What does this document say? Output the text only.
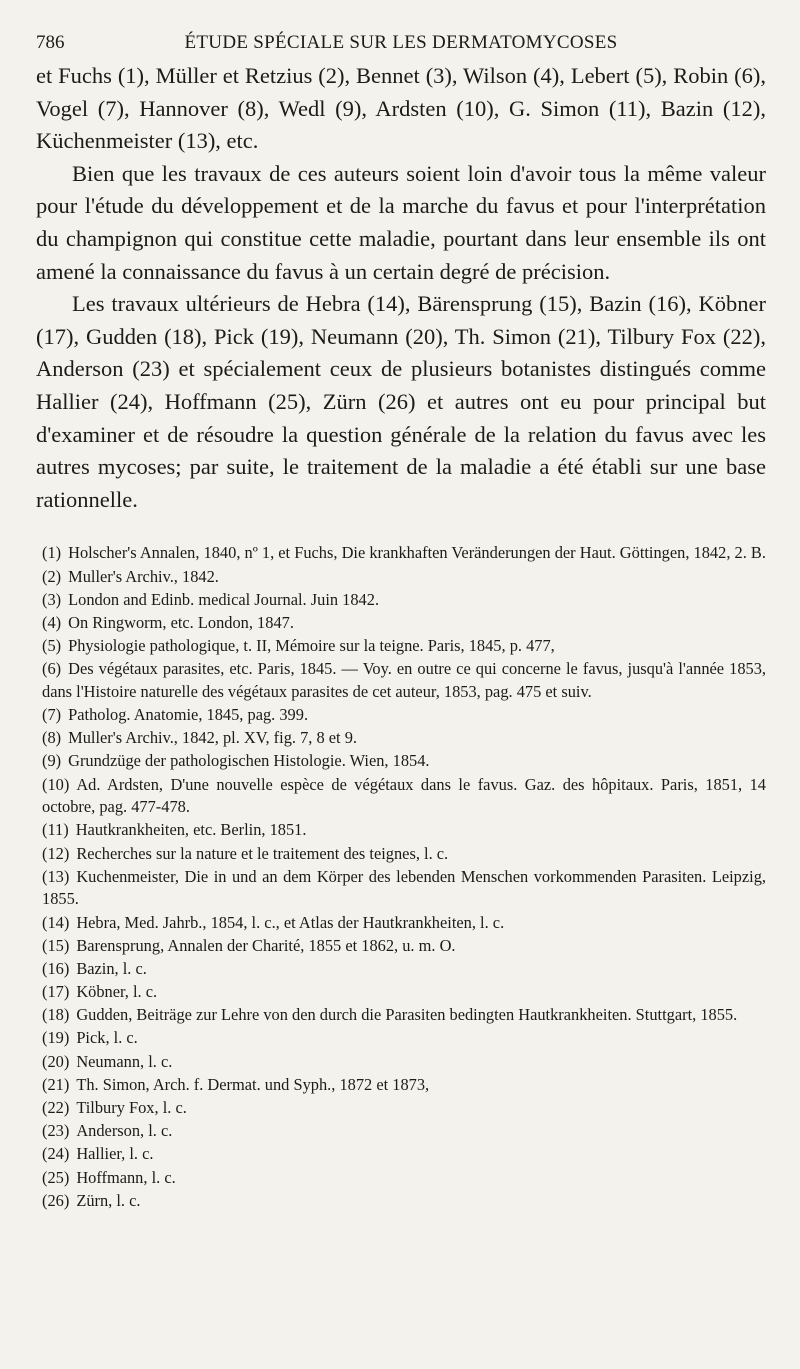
786	ÉTUDE SPÉCIALE SUR LES DERMATOMYCOSES

et Fuchs (1), Müller et Retzius (2), Bennet (3), Wilson (4), Lebert (5), Robin (6), Vogel (7), Hannover (8), Wedl (9), Ardsten (10), G. Simon (11), Bazin (12), Küchenmeister (13), etc.

Bien que les travaux de ces auteurs soient loin d'avoir tous la même valeur pour l'étude du développement et de la marche du favus et pour l'interprétation du champignon qui constitue cette maladie, pourtant dans leur ensemble ils ont amené la connaissance du favus à un certain degré de précision.

Les travaux ultérieurs de Hebra (14), Bärensprung (15), Bazin (16), Köbner (17), Gudden (18), Pick (19), Neumann (20), Th. Simon (21), Tilbury Fox (22), Anderson (23) et spécialement ceux de plusieurs botanistes distingués comme Hallier (24), Hoffmann (25), Zürn (26) et autres ont eu pour principal but d'examiner et de résoudre la question générale de la relation du favus avec les autres mycoses; par suite, le traitement de la maladie a été établi sur une base rationnelle.

(1) Holscher's Annalen, 1840, nº 1, et Fuchs, Die krankhaften Veränderungen der Haut. Göttingen, 1842, 2. B.
(2) Muller's Archiv., 1842.
(3) London and Edinb. medical Journal. Juin 1842.
(4) On Ringworm, etc. London, 1847.
(5) Physiologie pathologique, t. II, Mémoire sur la teigne. Paris, 1845, p. 477,
(6) Des végétaux parasites, etc. Paris, 1845. — Voy. en outre ce qui concerne le favus, jusqu'à l'année 1853, dans l'Histoire naturelle des végétaux parasites de cet auteur, 1853, pag. 475 et suiv.
(7) Patholog. Anatomie, 1845, pag. 399.
(8) Muller's Archiv., 1842, pl. XV, fig. 7, 8 et 9.
(9) Grundzüge der pathologischen Histologie. Wien, 1854.
(10) Ad. Ardsten, D'une nouvelle espèce de végétaux dans le favus. Gaz. des hôpitaux. Paris, 1851, 14 octobre, pag. 477-478.
(11) Hautkrankheiten, etc. Berlin, 1851.
(12) Recherches sur la nature et le traitement des teignes, l. c.
(13) Kuchenmeister, Die in und an dem Körper des lebenden Menschen vorkommenden Parasiten. Leipzig, 1855.
(14) Hebra, Med. Jahrb., 1854, l. c., et Atlas der Hautkrankheiten, l. c.
(15) Barensprung, Annalen der Charité, 1855 et 1862, u. m. O.
(16) Bazin, l. c.
(17) Köbner, l. c.
(18) Gudden, Beiträge zur Lehre von den durch die Parasiten bedingten Hautkrankheiten. Stuttgart, 1855.
(19) Pick, l. c.
(20) Neumann, l. c.
(21) Th. Simon, Arch. f. Dermat. und Syph., 1872 et 1873,
(22) Tilbury Fox, l. c.
(23) Anderson, l. c.
(24) Hallier, l. c.
(25) Hoffmann, l. c.
(26) Zürn, l. c.
